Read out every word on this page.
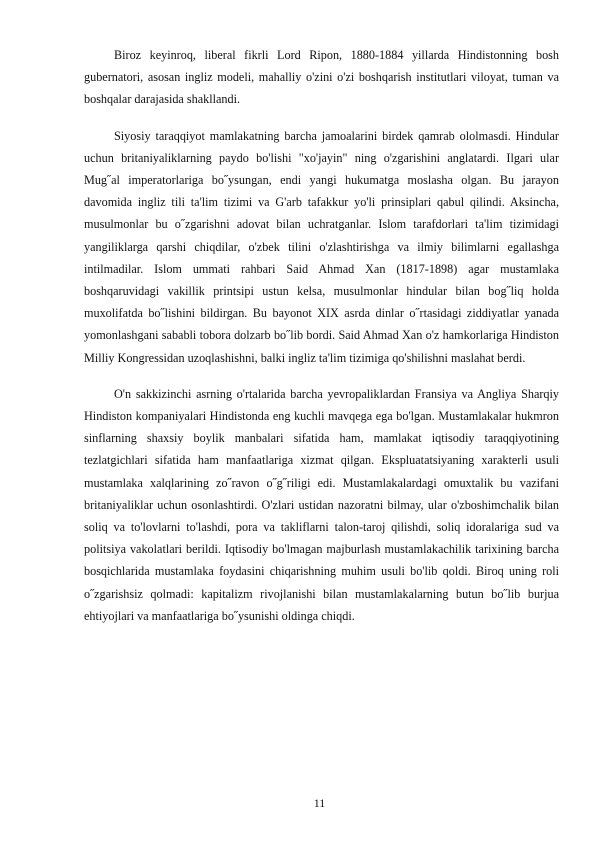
Biroz keyinroq, liberal fikrli Lord Ripon, 1880-1884 yillarda Hindistonning bosh gubernatori, asosan ingliz modeli, mahalliy o'zini o'zi boshqarish institutlari viloyat, tuman va boshqalar darajasida shakllandi.

Siyosiy taraqqiyot mamlakatning barcha jamoalarini birdek qamrab ololmasdi. Hindular uchun britaniyaliklarning paydo bo'lishi "xo'jayin" ning o'zgarishini anglatardi. Ilgari ular Mug˝al imperatorlariga bo˝ysungan, endi yangi hukumatga moslasha olgan. Bu jarayon davomida ingliz tili ta'lim tizimi va G'arb tafakkur yo'li prinsiplari qabul qilindi. Aksincha, musulmonlar bu o˝zgarishni adovat bilan uchratganlar. Islom tarafdorlari ta'lim tizimidagi yangiliklarga qarshi chiqdilar, o'zbek tilini o'zlashtirishga va ilmiy bilimlarni egallashga intilmadilar. Islom ummati rahbari Said Ahmad Xan (1817-1898) agar mustamlaka boshqaruvidagi vakillik printsipi ustun kelsa, musulmonlar hindular bilan bog˝liq holda muxolifatda bo˝lishini bildirgan. Bu bayonot XIX asrda dinlar o˝rtasidagi ziddiyatlar yanada yomonlashgani sababli tobora dolzarb bo˝lib bordi. Said Ahmad Xan o'z hamkorlariga Hindiston Milliy Kongressidan uzoqlashishni, balki ingliz ta'lim tizimiga qo'shilishni maslahat berdi.

O'n sakkizinchi asrning o'rtalarida barcha yevropaliklardan Fransiya va Angliya Sharqiy Hindiston kompaniyalari Hindistonda eng kuchli mavqega ega bo'lgan. Mustamlakalar hukmron sinflarning shaxsiy boylik manbalari sifatida ham, mamlakat iqtisodiy taraqqiyotining tezlatgichlari sifatida ham manfaatlariga xizmat qilgan. Ekspluatatsiyaning xarakterli usuli mustamlaka xalqlarining zo˝ravon o˝g˝riligi edi. Mustamlakalardagi omuxtalik bu vazifani britaniyaliklar uchun osonlashtirdi. O'zlari ustidan nazoratni bilmay, ular o'zboshimchalik bilan soliq va to'lovlarni to'lashdi, pora va takliflarni talon-taroj qilishdi, soliq idoralariga sud va politsiya vakolatlari berildi. Iqtisodiy bo'lmagan majburlash mustamlakachilik tarixining barcha bosqichlarida mustamlaka foydasini chiqarishning muhim usuli bo'lib qoldi. Biroq uning roli o˝zgarishsiz qolmadi: kapitalizm rivojlanishi bilan mustamlakalarning butun bo˝lib burjua ehtiyojlari va manfaatlariga bo˝ysunishi oldinga chiqdi.

11
